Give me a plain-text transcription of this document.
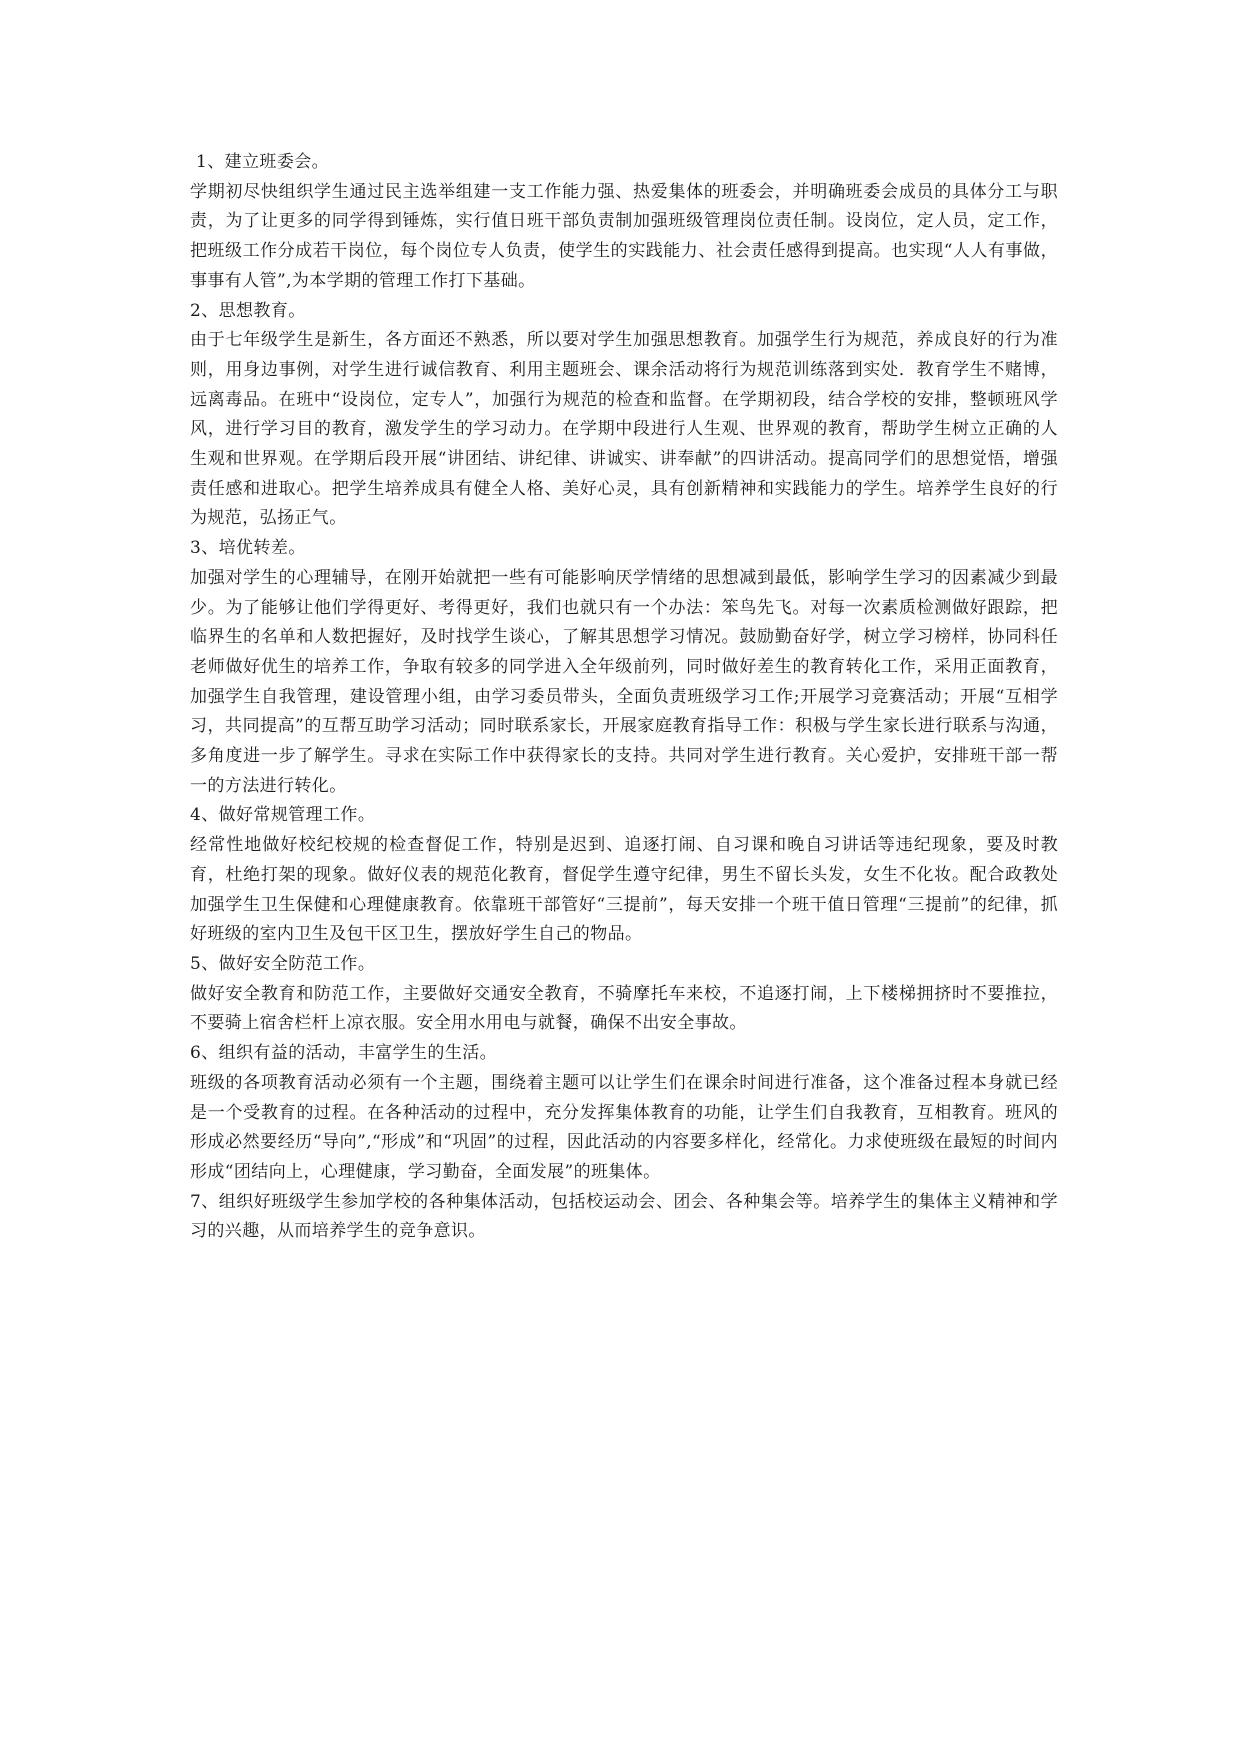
1、建立班委会。

学期初尽快组织学生通过民主选举组建一支工作能力强、热爱集体的班委会，并明确班委会成员的具体分工与职责，为了让更多的同学得到锤炼，实行值日班干部负责制加强班级管理岗位责任制。设岗位，定人员，定工作，把班级工作分成若干岗位，每个岗位专人负责，使学生的实践能力、社会责任感得到提高。也实现“人人有事做，事事有人管”,为本学期的管理工作打下基础。

2、思想教育。

由于七年级学生是新生，各方面还不熟悉，所以要对学生加强思想教育。加强学生行为规范，养成良好的行为准则，用身边事例，对学生进行诚信教育、利用主题班会、课余活动将行为规范训练落到实处．教育学生不赌博，远离毒品。在班中“设岗位，定专人”，加强行为规范的检查和监督。在学期初段，结合学校的安排，整顿班风学风，进行学习目的教育，激发学生的学习动力。在学期中段进行人生观、世界观的教育，帮助学生树立正确的人生观和世界观。在学期后段开展“讲团结、讲纪律、讲诚实、讲奉献”的四讲活动。提高同学们的思想觉悟，增强责任感和进取心。把学生培养成具有健全人格、美好心灵，具有创新精神和实践能力的学生。培养学生良好的行为规范，弘扬正气。

3、培优转差。

加强对学生的心理辅导，在刚开始就把一些有可能影响厌学情绪的思想减到最低，影响学生学习的因素减少到最少。为了能够让他们学得更好、考得更好，我们也就只有一个办法：笨鸟先飞。对每一次素质检测做好跟踪，把临界生的名单和人数把握好，及时找学生谈心，了解其思想学习情况。鼓励勤奋好学，树立学习榜样，协同科任老师做好优生的培养工作，争取有较多的同学进入全年级前列，同时做好差生的教育转化工作，采用正面教育，加强学生自我管理，建设管理小组，由学习委员带头，全面负责班级学习工作;开展学习竞赛活动；开展“互相学习，共同提高”的互帮互助学习活动；同时联系家长，开展家庭教育指导工作：积极与学生家长进行联系与沟通，多角度进一步了解学生。寻求在实际工作中获得家长的支持。共同对学生进行教育。关心爱护，安排班干部一帮一的方法进行转化。

4、做好常规管理工作。

经常性地做好校纪校规的检查督促工作，特别是迟到、追逐打闹、自习课和晚自习讲话等违纪现象，要及时教育，杜绝打架的现象。做好仪表的规范化教育，督促学生遵守纪律，男生不留长头发，女生不化妆。配合政教处加强学生卫生保健和心理健康教育。依靠班干部管好“三提前”，每天安排一个班干值日管理“三提前”的纪律，抓好班级的室内卫生及包干区卫生，摆放好学生自己的物品。

5、做好安全防范工作。

做好安全教育和防范工作，主要做好交通安全教育，不骑摩托车来校，不追逐打闹，上下楼梯拥挤时不要推拉，不要骑上宿舍栏杆上凉衣服。安全用水用电与就餐，确保不出安全事故。

6、组织有益的活动，丰富学生的生活。

班级的各项教育活动必须有一个主题，围绕着主题可以让学生们在课余时间进行准备，这个准备过程本身就已经是一个受教育的过程。在各种活动的过程中，充分发挥集体教育的功能，让学生们自我教育，互相教育。班风的形成必然要经历“导向”,“形成”和“巩固”的过程，因此活动的内容要多样化，经常化。力求使班级在最短的时间内形成“团结向上，心理健康，学习勤奋，全面发展”的班集体。

7、组织好班级学生参加学校的各种集体活动，包括校运动会、团会、各种集会等。培养学生的集体主义精神和学习的兴趣，从而培养学生的竞争意识。
